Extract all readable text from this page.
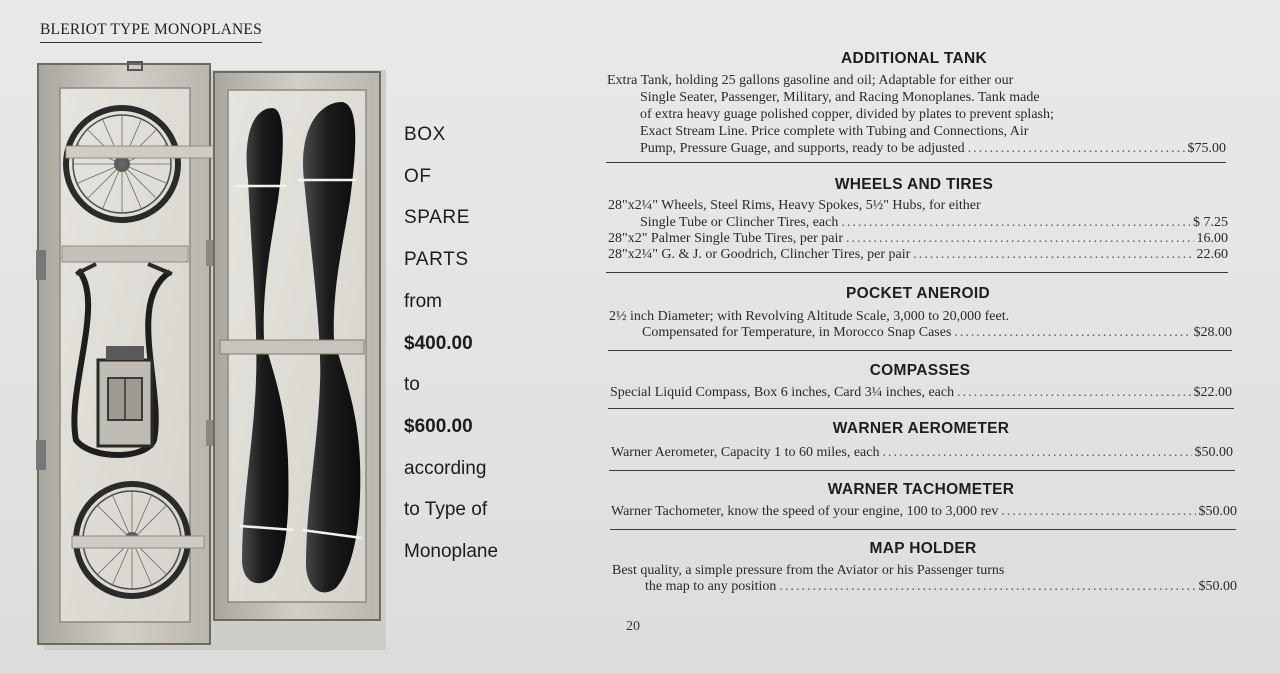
BLERIOT TYPE MONOPLANES
BOX
OF
SPARE
PARTS
from
$400.00
to
$600.00
according
to Type of
Monoplane
ADDITIONAL TANK
Extra Tank, holding 25 gallons gasoline and oil; Adaptable for either our
Single Seater, Passenger, Military, and Racing Monoplanes. Tank made
of extra heavy guage polished copper, divided by plates to prevent splash;
Exact Stream Line. Price complete with Tubing and Connections, Air
Pump, Pressure Guage, and supports, ready to be adjusted .....	$75.00
WHEELS AND TIRES
28"x2¼" Wheels, Steel Rims, Heavy Spokes, 5½" Hubs, for either
Single Tube or Clincher Tires, each .....	$ 7.25
28"x2" Palmer Single Tube Tires, per pair .....	16.00
28"x2¼" G. & J. or Goodrich, Clincher Tires, per pair .....	22.60
POCKET ANEROID
2½ inch Diameter; with Revolving Altitude Scale, 3,000 to 20,000 feet.
Compensated for Temperature, in Morocco Snap Cases .....	$28.00
COMPASSES
Special Liquid Compass, Box 6 inches, Card 3¼ inches, each .....	$22.00
WARNER AEROMETER
Warner Aerometer, Capacity 1 to 60 miles, each .....	$50.00
WARNER TACHOMETER
Warner Tachometer, know the speed of your engine, 100 to 3,000 rev .....	$50.00
MAP HOLDER
Best quality, a simple pressure from the Aviator or his Passenger turns
the map to any position .....	$50.00
20
